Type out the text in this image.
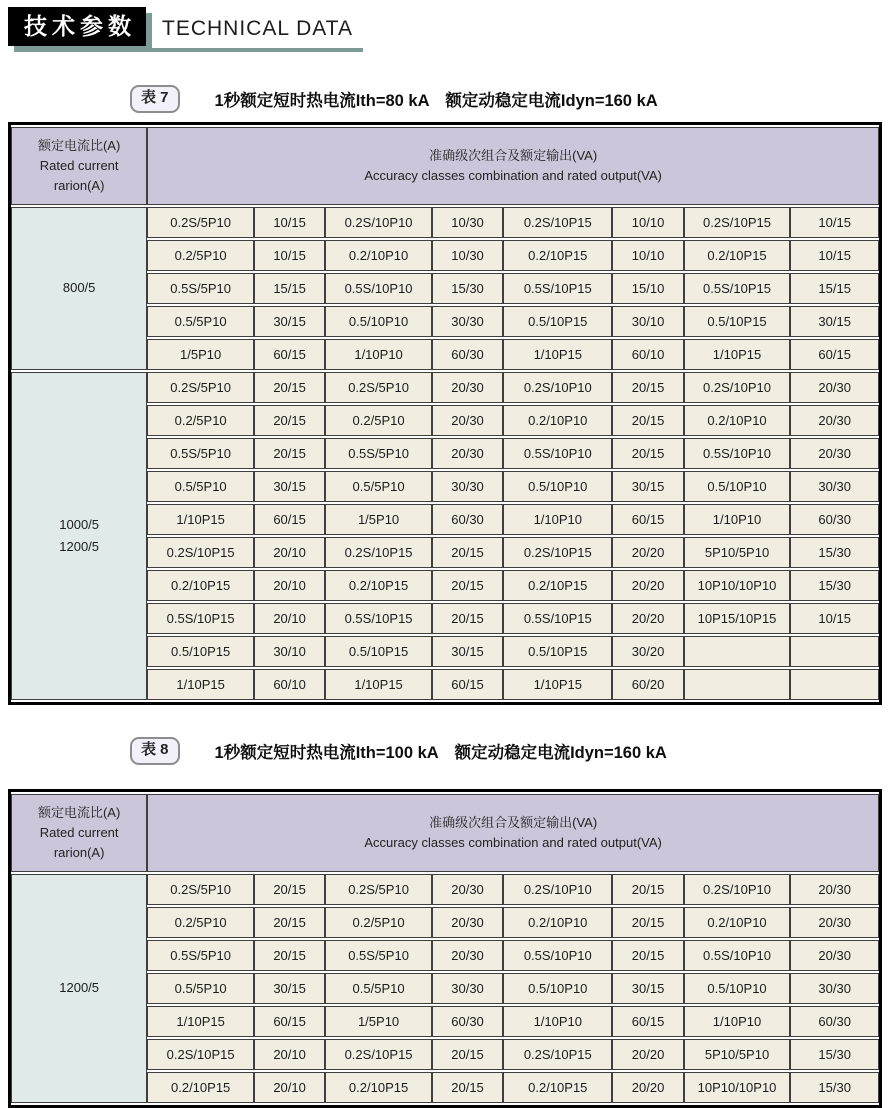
技术参数	TECHNICAL DATA
表 7	1秒额定短时热电流Ith=80 kA　额定动稳定电流Idyn=160 kA
额定电流比(A)
Rated current
rarion(A)

准确级次组合及额定输出(VA)
Accuracy classes combination and rated output(VA)

800/5	0.2S/5P10	10/15	0.2S/10P10	10/30	0.2S/10P15	10/10	0.2S/10P15	10/15
	0.2/5P10	10/15	0.2/10P10	10/30	0.2/10P15	10/10	0.2/10P15	10/15
	0.5S/5P10	15/15	0.5S/10P10	15/30	0.5S/10P15	15/10	0.5S/10P15	15/15
	0.5/5P10	30/15	0.5/10P10	30/30	0.5/10P15	30/10	0.5/10P15	30/15
	1/5P10	60/15	1/10P10	60/30	1/10P15	60/10	1/10P15	60/15
1000/5
1200/5	0.2S/5P10	20/15	0.2S/5P10	20/30	0.2S/10P10	20/15	0.2S/10P10	20/30
	0.2/5P10	20/15	0.2/5P10	20/30	0.2/10P10	20/15	0.2/10P10	20/30
	0.5S/5P10	20/15	0.5S/5P10	20/30	0.5S/10P10	20/15	0.5S/10P10	20/30
	0.5/5P10	30/15	0.5/5P10	30/30	0.5/10P10	30/15	0.5/10P10	30/30
	1/10P15	60/15	1/5P10	60/30	1/10P10	60/15	1/10P10	60/30
	0.2S/10P15	20/10	0.2S/10P15	20/15	0.2S/10P15	20/20	5P10/5P10	15/30
	0.2/10P15	20/10	0.2/10P15	20/15	0.2/10P15	20/20	10P10/10P10	15/30
	0.5S/10P15	20/10	0.5S/10P15	20/15	0.5S/10P15	20/20	10P15/10P15	10/15
	0.5/10P15	30/10	0.5/10P15	30/15	0.5/10P15	30/20		
	1/10P15	60/10	1/10P15	60/15	1/10P15	60/20		
表 8	1秒额定短时热电流Ith=100 kA　额定动稳定电流Idyn=160 kA
额定电流比(A)
Rated current
rarion(A)

准确级次组合及额定输出(VA)
Accuracy classes combination and rated output(VA)

1200/5	0.2S/5P10	20/15	0.2S/5P10	20/30	0.2S/10P10	20/15	0.2S/10P10	20/30
	0.2/5P10	20/15	0.2/5P10	20/30	0.2/10P10	20/15	0.2/10P10	20/30
	0.5S/5P10	20/15	0.5S/5P10	20/30	0.5S/10P10	20/15	0.5S/10P10	20/30
	0.5/5P10	30/15	0.5/5P10	30/30	0.5/10P10	30/15	0.5/10P10	30/30
	1/10P15	60/15	1/5P10	60/30	1/10P10	60/15	1/10P10	60/30
	0.2S/10P15	20/10	0.2S/10P15	20/15	0.2S/10P15	20/20	5P10/5P10	15/30
	0.2/10P15	20/10	0.2/10P15	20/15	0.2/10P15	20/20	10P10/10P10	15/30
